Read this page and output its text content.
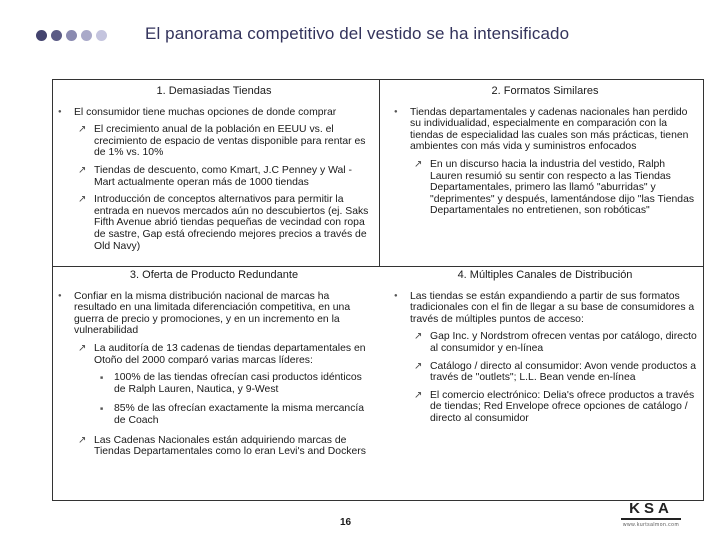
El panorama competitivo del vestido se ha intensificado
1. Demasiadas Tiendas
● El consumidor tiene muchas opciones de donde comprar
↗ El crecimiento anual de la población en EEUU vs. el crecimiento de espacio de ventas disponible para rentar es de 1% vs. 10%
↗ Tiendas de descuento, como Kmart, J.C Penney y Wal -Mart actualmente operan más de 1000 tiendas
↗ Introducción de conceptos alternativos para permitir la entrada en nuevos mercados aún no descubiertos (ej. Saks Fifth Avenue abrió tiendas pequeñas de vecindad con ropa de sastre, Gap está ofreciendo mejores precios a través de Old Navy)
2. Formatos Similares
● Tiendas departamentales y cadenas nacionales han perdido su individualidad, especialmente en comparación con la tiendas de especialidad las cuales son más prácticas, tienen ambientes con más vida y suministros enfocados
↗ En un discurso hacia la industria del vestido, Ralph Lauren resumió su sentir con respecto a las Tiendas Departamentales, primero las llamó "aburridas" y "deprimentes" y después, lamentándose dijo "las Tiendas Departamentales no entretienen, son robóticas"
3. Oferta de Producto Redundante
● Confiar en la misma distribución nacional de marcas ha resultado en una limitada diferenciación competitiva, en una guerra de precio y promociones, y en un incremento en la vulnerabilidad
↗ La auditoría de 13 cadenas de tiendas departamentales en Otoño del 2000 comparó varias marcas líderes:
■ 100% de las tiendas ofrecían casi productos idénticos de Ralph Lauren, Nautica, y 9-West
■ 85% de las ofrecían exactamente la misma mercancía de Coach
↗ Las Cadenas Nacionales están adquiriendo marcas de Tiendas Departamentales como lo eran Levi's and Dockers
4. Múltiples Canales de Distribución
● Las tiendas se están expandiendo a partir de sus formatos tradicionales con el fin de llegar a su base de consumidores a través de múltiples puntos de acceso:
↗ Gap Inc. y Nordstrom ofrecen ventas por catálogo, directo al consumidor y en-línea
↗ Catálogo / directo al consumidor: Avon vende productos a través de "outlets"; L.L. Bean vende en-línea
↗ El comercio electrónico: Delia's ofrece productos a través de tiendas; Red Envelope ofrece opciones de catálogo / directo al consumidor
16
KSA
www.kurtsalmon.com
